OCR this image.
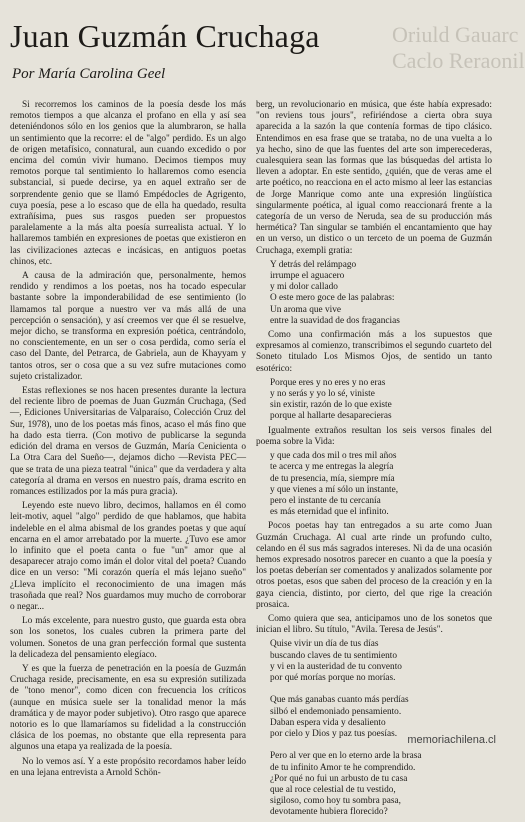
Juan Guzmán Cruchaga
Por María Carolina Geel
Oriuld Gauarc
Caclo Reraonil

Si recorremos los caminos de la poesía desde los más remotos tiempos a que alcanza el profano en ella y así sea deteniéndonos sólo en los genios que la alumbraron, se halla un sentimiento que la recorre: el de "algo" perdido. Es un algo de origen metafísico, connatural, aun cuando excedido o por encima del común vivir humano. Decimos tiempos muy remotos porque tal sentimiento lo hallaremos como esencia substancial, si puede decirse, ya en aquel extraño ser de sorprendente genio que se llamó Empédocles de Agrigento, cuya poesía, pese a lo escaso que de ella ha quedado, resulta extrañísima, pues sus rasgos pueden ser propuestos paralelamente a la más alta poesía surrealista actual. Y lo hallaremos también en expresiones de poetas que existieron en las civilizaciones aztecas e incásicas, en antiguos poetas chinos, etc.

A causa de la admiración que, personalmente, hemos rendido y rendimos a los poetas, nos ha tocado especular bastante sobre la imponderabilidad de ese sentimiento (lo llamamos tal porque a nuestro ver va más allá de una percepción o sensación), y así creemos ver que él se resuelve, mejor dicho, se transforma en expresión poética, centrándolo, no conscientemente, en un ser o cosa perdida, como sería el caso del Dante, del Petrarca, de Gabriela, aun de Khayyam y tantos otros, ser o cosa que a su vez sufre mutaciones como sujeto cristalizador.

Estas reflexiones se nos hacen presentes durante la lectura del reciente libro de poemas de Juan Guzmán Cruchaga, (Sed —, Ediciones Universitarias de Valparaíso, Colección Cruz del Sur, 1978), uno de los poetas más finos, acaso el más fino que ha dado esta tierra. (Con motivo de publicarse la segunda edición del drama en versos de Guzmán, María Cenicienta o La Otra Cara del Sueño—, dejamos dicho —Revista PEC— que se trata de una pieza teatral "única" que da verdadera y alta categoría al drama en versos en nuestro país, drama escrito en romances estilizados por la más pura gracia).

Leyendo este nuevo libro, decimos, hallamos en él como leit-motiv, aquel "algo" perdido de que hablamos, que habita indeleble en el alma abismal de los grandes poetas y que aquí encarna en el amor arrebatado por la muerte. ¿Tuvo ese amor lo infinito que el poeta canta o fue "un" amor que al desaparecer atrajo como imán el dolor vital del poeta? Cuando dice en un verso: "Mi corazón quería el más lejano sueño" ¿Lleva implícito el reconocimiento de una imagen más trasoñada que real? Nos guardamos muy mucho de corroborar o negar...

Lo más excelente, para nuestro gusto, que guarda esta obra son los sonetos, los cuales cubren la primera parte del volumen. Sonetos de una gran perfección formal que sustenta la delicadeza del pensamiento elegíaco.

Y es que la fuerza de penetración en la poesía de Guzmán Cruchaga reside, precisamente, en esa su expresión sutilizada de "tono menor", como dicen con frecuencia los críticos (aunque en música suele ser la tonalidad menor la más dramática y de mayor poder subjetivo). Otro rasgo que aparece notorio es lo que llamaríamos su fidelidad a la construcción clásica de los poemas, no obstante que ella representa para algunos una etapa ya realizada de la poesía.

No lo vemos así. Y a este propósito recordamos haber leído en una lejana entrevista a Arnold Schön-

berg, un revolucionario en música, que éste había expresado: "on reviens tous jours", refiriéndose a cierta obra suya aparecida a la sazón la que contenía formas de tipo clásico. Entendimos en esa frase que se trataba, no de una vuelta a lo ya hecho, sino de que las fuentes del arte son imperecederas, cualesquiera sean las formas que las búsquedas del artista lo lleven a adoptar. En este sentido, ¿quién, que de veras ame el arte poético, no reacciona en el acto mismo al leer las estancias de Jorge Manrique como ante una expresión lingüística singularmente poética, al igual como reaccionará frente a la categoría de un verso de Neruda, sea de su producción más hermética? Tan singular se también el encantamiento que hay en un verso, un distico o un terceto de un poema de Guzmán Cruchaga, exempli gratia:

Y detrás del relámpago
irrumpe el aguacero
y mi dolor callado
O este mero goce de las palabras:
Un aroma que vive
entre la suavidad de dos fragancias

Como una confirmación más a los supuestos que expresamos al comienzo, transcribimos el segundo cuarteto del Soneto titulado Los Mismos Ojos, de sentido un tanto esotérico:

Porque eres y no eres y no eras
y no serás y yo lo sé, viniste
sin existir, razón de lo que existe
porque al hallarte desaparecieras

Igualmente extraños resultan los seis versos finales del poema sobre la Vida:

y que cada dos mil o tres mil años
te acerca y me entregas la alegría
de tu presencia, mía, siempre mía
y que vienes a mí sólo un instante,
pero el instante de tu cercanía
es más eternidad que el infinito.

Pocos poetas hay tan entregados a su arte como Juan Guzmán Cruchaga. Al cual arte rinde un profundo culto, celando en él sus más sagrados intereses. Ni da de una ocasión hemos expresado nosotros parecer en cuanto a que la poesía y los poetas deberían ser comentados y analizados solamente por otros poetas, esos que saben del proceso de la creación y en la gaya ciencia, distinto, por cierto, del que rige la creación prosaica.

Como quiera que sea, anticipamos uno de los sonetos que inician el libro. Su título, "Avila. Teresa de Jesús".

Quise vivir un día de tus días
buscando claves de tu sentimiento
y vi en la austeridad de tu convento
por qué morías porque no morías.

Que más ganabas cuanto más perdías
silbó el endemoniado pensamiento.
Daban espera vida y desaliento
por cielo y Dios y paz tus poesías.

Pero al ver que en lo eterno arde la brasa
de tu infinito Amor te he comprendido.
¿Por qué no fui un arbusto de tu casa
que al roce celestial de tu vestido,
sigiloso, como hoy tu sombra pasa,
devotamente hubiera florecido?
memoriachilena.cl
